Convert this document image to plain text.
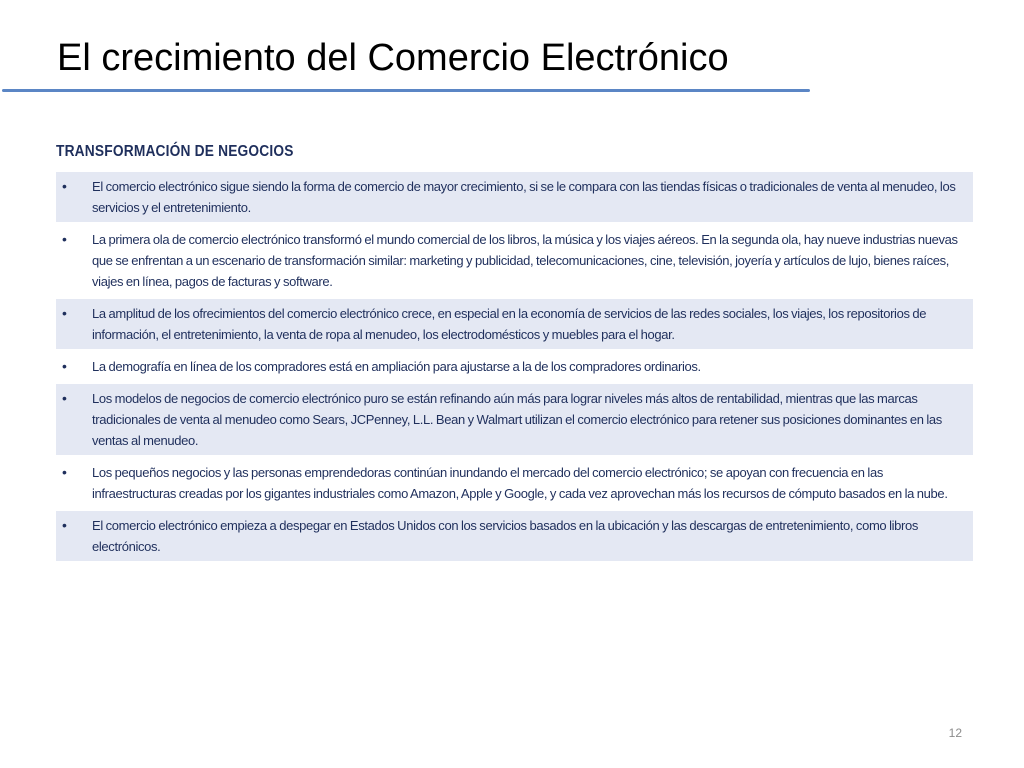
El crecimiento del Comercio Electrónico
TRANSFORMACIÓN DE NEGOCIOS
•	El comercio electrónico sigue siendo la forma de comercio de mayor crecimiento, si se le compara con las tiendas físicas o tradicionales de venta al menudeo, los servicios y el entretenimiento.
•	La primera ola de comercio electrónico transformó el mundo comercial de los libros, la música y los viajes aéreos. En la segunda ola, hay nueve industrias nuevas que se enfrentan a un escenario de transformación similar: marketing y publicidad, telecomunicaciones, cine, televisión, joyería y artículos de lujo, bienes raíces, viajes en línea, pagos de facturas y software.
•	La amplitud de los ofrecimientos del comercio electrónico crece, en especial en la economía de servicios de las redes sociales, los viajes, los repositorios de información, el entretenimiento, la venta de ropa al menudeo, los electrodomésticos y muebles para el hogar.
•	La demografía en línea de los compradores está en ampliación para ajustarse a la de los compradores ordinarios.
•	Los modelos de negocios de comercio electrónico puro se están refinando aún más para lograr niveles más altos de rentabilidad, mientras que las marcas tradicionales de venta al menudeo como Sears, JCPenney, L.L. Bean y Walmart utilizan el comercio electrónico para retener sus posiciones dominantes en las ventas al menudeo.
•	Los pequeños negocios y las personas emprendedoras continúan inundando el mercado del comercio electrónico; se apoyan con frecuencia en las infraestructuras creadas por los gigantes industriales como Amazon, Apple y Google, y cada vez aprovechan más los recursos de cómputo basados en la nube.
•	El comercio electrónico empieza a despegar en Estados Unidos con los servicios basados en la ubicación y las descargas de entretenimiento, como libros electrónicos.
12
